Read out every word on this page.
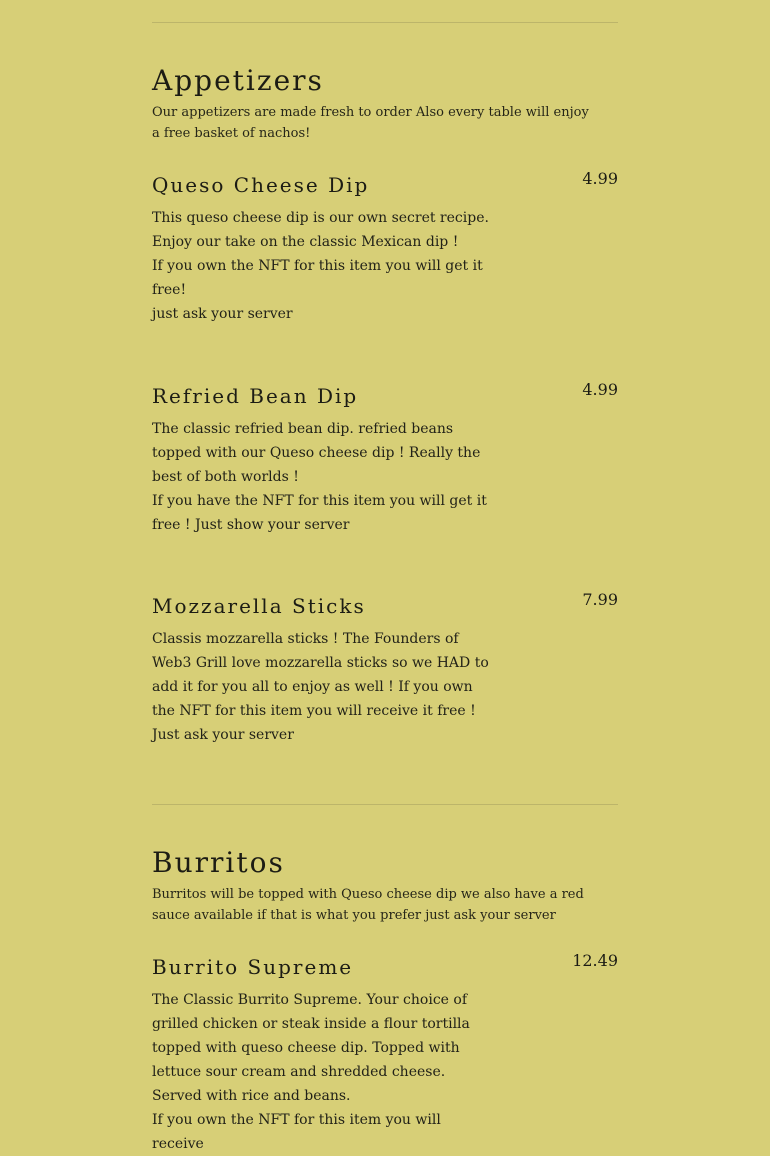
Appetizers

Our appetizers are made fresh to order Also every table will enjoy a free basket of nachos!

Queso Cheese Dip	4.99
This queso cheese dip is our own secret recipe.
Enjoy our take on the classic Mexican dip !
If you own the NFT for this item you will get it free!
just ask your server
Refried Bean Dip	4.99
The classic refried bean dip. refried beans topped with our Queso cheese dip ! Really the best of both worlds !
If you have the NFT for this item you will get it free ! Just show your server
Mozzarella Sticks	7.99
Classis mozzarella sticks ! The Founders of Web3 Grill love mozzarella sticks so we HAD to add it for you all to enjoy as well ! If you own the NFT for this item you will receive it free ! Just ask your server
Burritos

Burritos will be topped with Queso cheese dip we also have a red sauce available if that is what you prefer just ask your server

Burrito Supreme	12.49
The Classic Burrito Supreme. Your choice of grilled chicken or steak inside a flour tortilla topped with queso cheese dip. Topped with lettuce sour cream and shredded cheese. Served with rice and beans.
If you own the NFT for this item you will receive
